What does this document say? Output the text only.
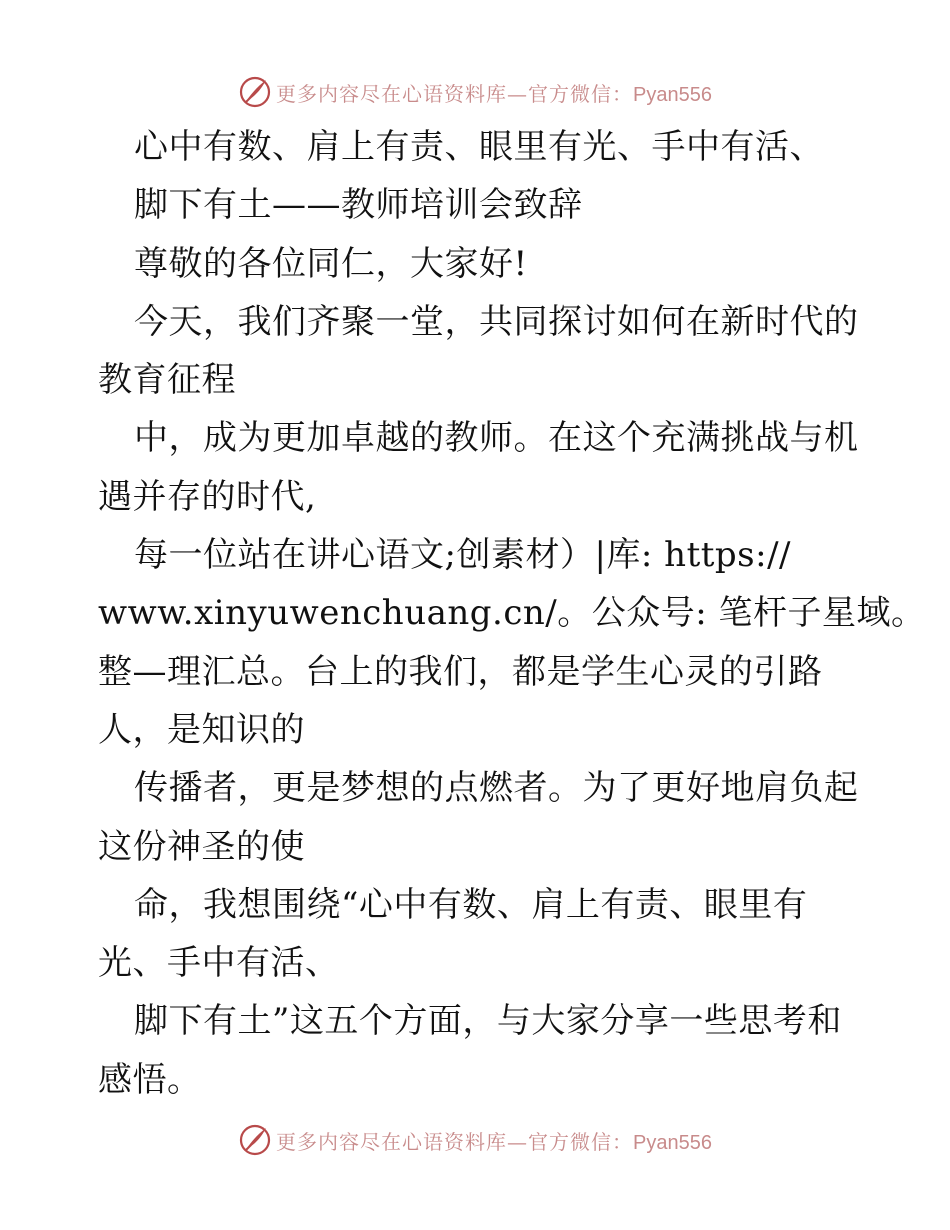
更多内容尽在心语资料库—官方微信：Pyan556
心中有数、肩上有责、眼里有光、手中有活、
脚下有土——教师培训会致辞
尊敬的各位同仁，大家好!
今天，我们齐聚一堂，共同探讨如何在新时代的
教育征程
中，成为更加卓越的教师。在这个充满挑战与机
遇并存的时代,
每一位站在讲心语文;创素材）|库: https://
www.xinyuwenchuang.cn/。公众号: 笔杆子星域。
整—理汇总。台上的我们，都是学生心灵的引路
人，是知识的
传播者，更是梦想的点燃者。为了更好地肩负起
这份神圣的使
命，我想围绕“心中有数、肩上有责、眼里有
光、手中有活、
脚下有土”这五个方面，与大家分享一些思考和
感悟。
更多内容尽在心语资料库—官方微信：Pyan556
